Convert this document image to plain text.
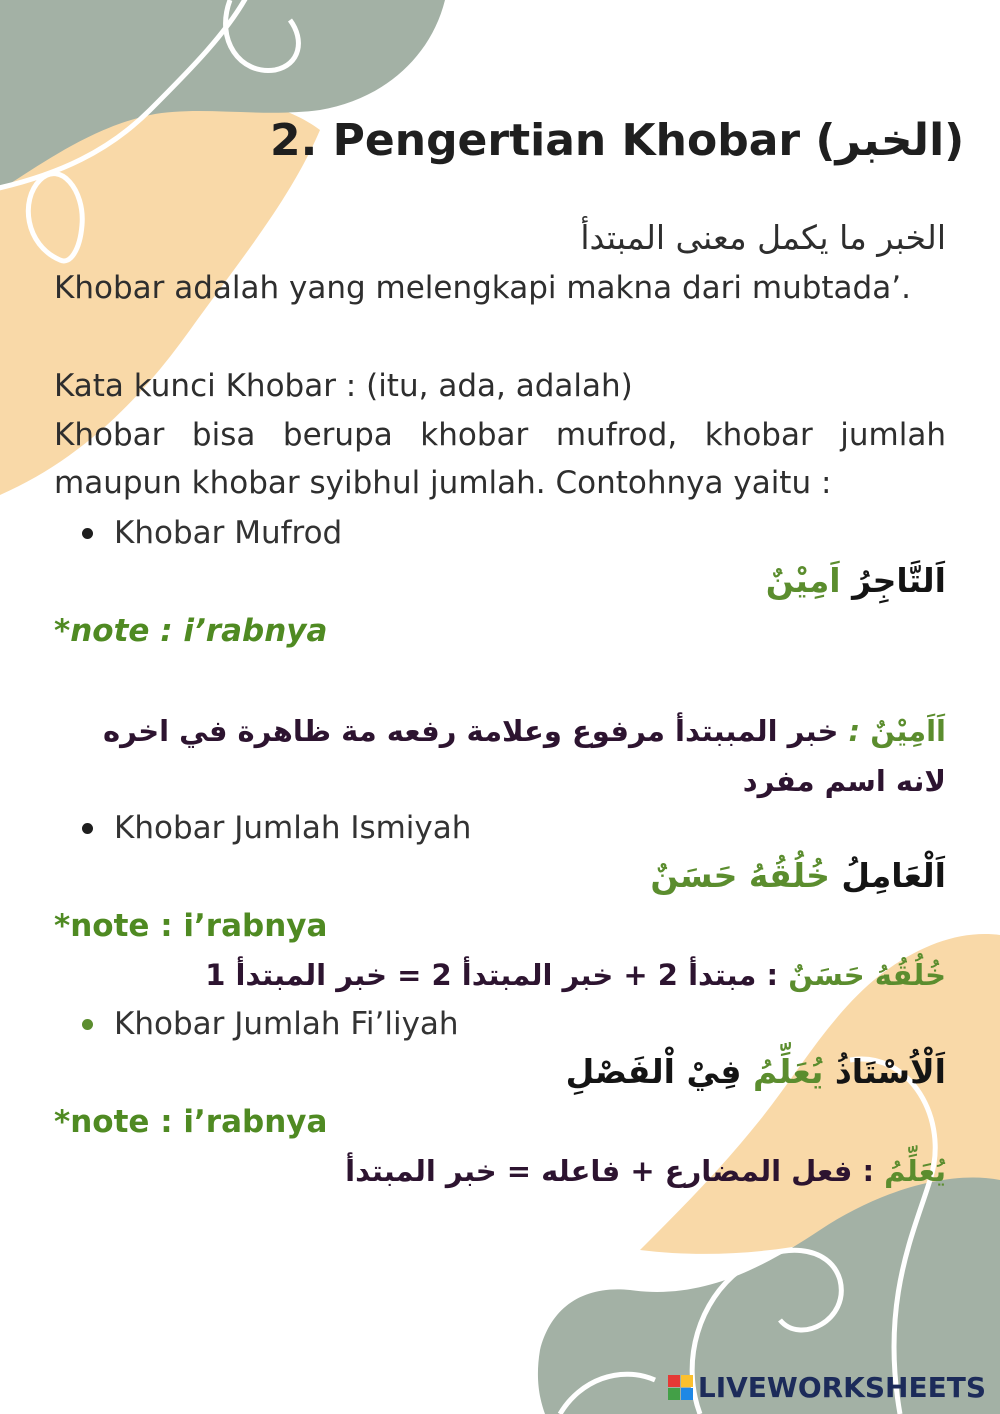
2. Pengertian Khobar (الخبر)
الخبر ما يكمل معنى المبتدأ
Khobar adalah yang melengkapi makna dari mubtada’.
Kata kunci Khobar : (itu, ada, adalah)
Khobar bisa berupa khobar mufrod, khobar jumlah maupun khobar syibhul jumlah. Contohnya yaitu :
Khobar Mufrod
اَلتَّاجِرُ اَمِيْنٌ
*note : i’rabnya
اَاَمِيْنٌ : خبر المببتدأ مرفوع وعلامة رفعه مة ظاهرة في اخره لانه اسم مفرد
Khobar Jumlah Ismiyah
اَلْعَامِلُ خُلُقُهُ حَسَنٌ
*note : i’rabnya
خُلُقُهُ حَسَنٌ : مبتدأ 2 + خبر المبتدأ 2 = خبر المبتدأ 1
Khobar Jumlah Fi’liyah
اَلْاُسْتَاذُ يُعَلِّمُ فِيْ اْلفَصْلِ
*note : i’rabnya
يُعَلِّمُ : فعل المضارع + فاعله = خبر المبتدأ
LIVEWORKSHEETS
